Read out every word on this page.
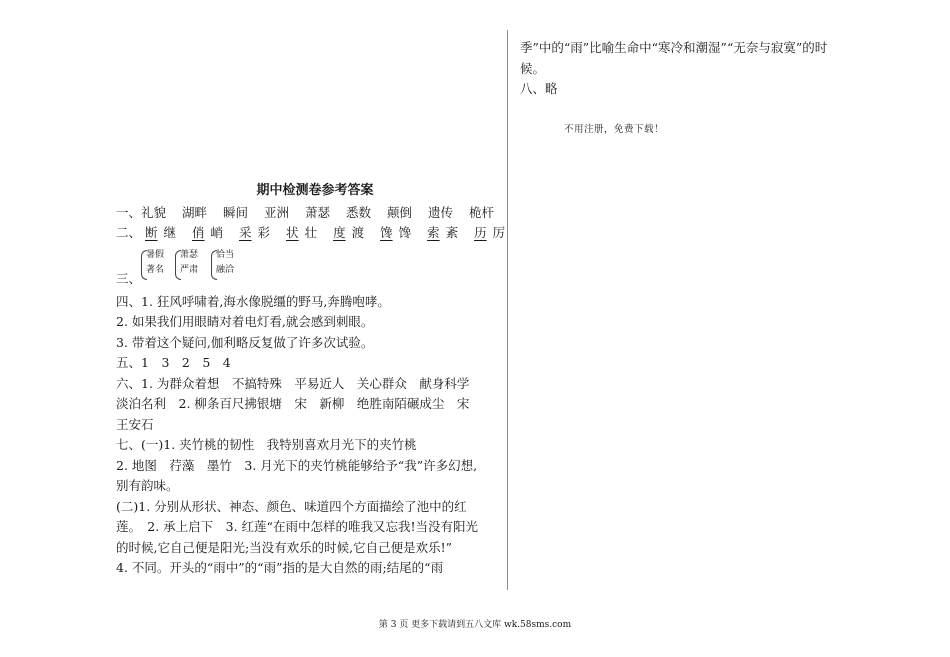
期中检测卷参考答案
一、礼貌 湖畔 瞬间 亚洲 萧瑟 悉数 颠倒 遗传 桅杆
二、 断 继 俏 峭 采 彩 状 壮 度 渡 馋 馋 索 紊 历 厉
三、
暑假
著名
萧瑟
严肃
恰当
融洽
四、1. 狂风呼啸着,海水像脱缰的野马,奔腾咆哮。
2. 如果我们用眼睛对着电灯看,就会感到刺眼。
3. 带着这个疑问,伽利略反复做了许多次试验。
五、1　3　2　5　4
六、1. 为群众着想　不搞特殊　平易近人　关心群众　献身科学
淡泊名利　2. 柳条百尺拂银塘　宋　新柳　绝胜南陌碾成尘　宋
王安石
七、(一)1. 夹竹桃的韧性　我特别喜欢月光下的夹竹桃
2. 地图　荇藻　墨竹　3. 月光下的夹竹桃能够给予“我”许多幻想,
别有韵味。
(二)1. 分别从形状、神态、颜色、味道四个方面描绘了池中的红
莲。　2. 承上启下　3. 红莲“在雨中怎样的唯我又忘我!当没有阳光
的时候,它自己便是阳光;当没有欢乐的时候,它自己便是欢乐!”
4. 不同。开头的“雨中”的“雨”指的是大自然的雨;结尾的“雨
季”中的“雨”比喻生命中“寒冷和潮湿”“无奈与寂寞”的时
候。
八、略
不用注册，免费下载！
第 3 页 更多下载请到五八文库 wk.58sms.com
